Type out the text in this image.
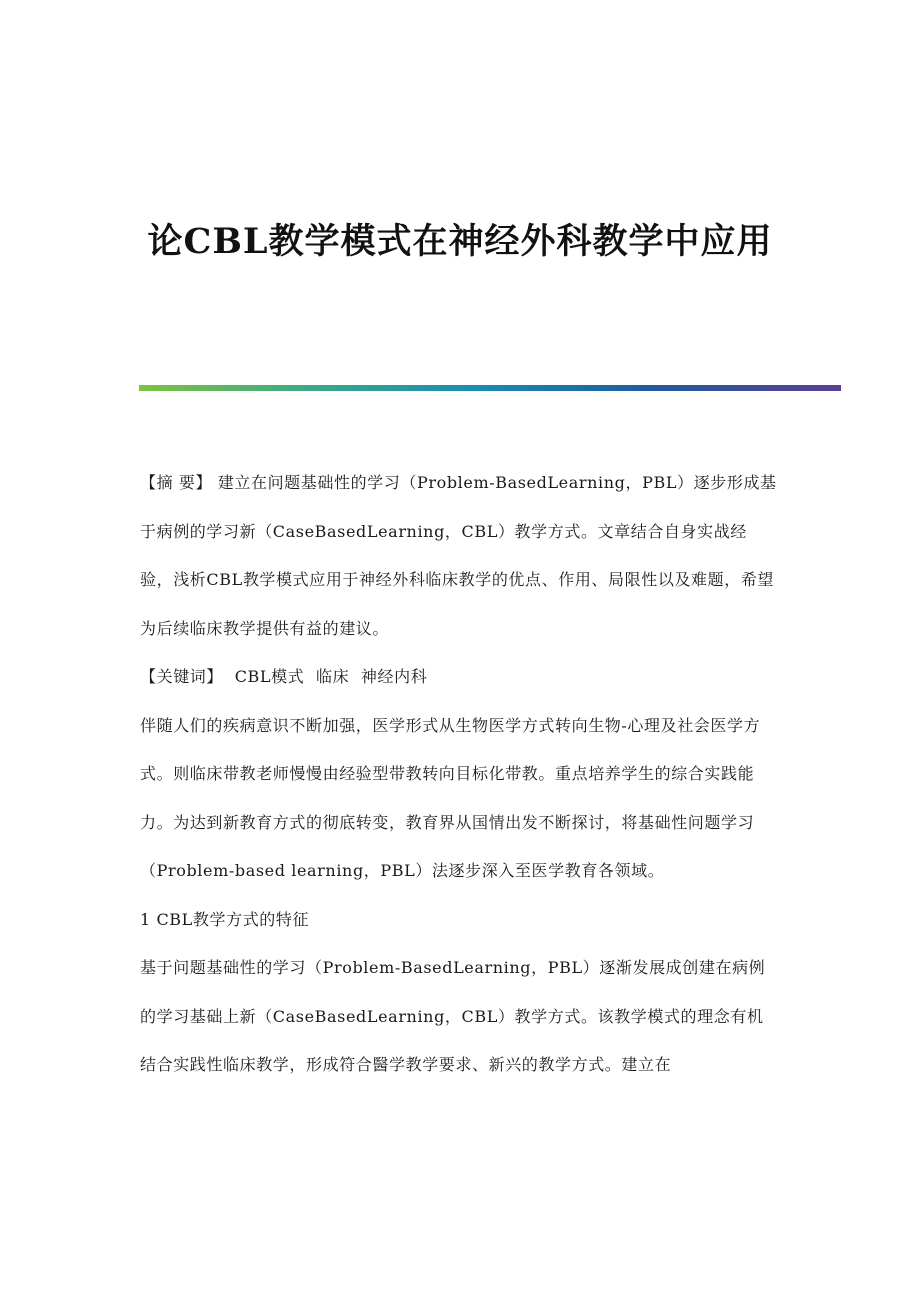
论CBL教学模式在神经外科教学中应用

【摘 要】 建立在问题基础性的学习（Problem-BasedLearning，PBL）逐步形成基于病例的学习新（CaseBasedLearning，CBL）教学方式。文章结合自身实战经验，浅析CBL教学模式应用于神经外科临床教学的优点、作用、局限性以及难题，希望为后续临床教学提供有益的建议。

【关键词】 CBL模式 临床 神经内科

伴随人们的疾病意识不断加强，医学形式从生物医学方式转向生物-心理及社会医学方式。则临床带教老师慢慢由经验型带教转向目标化带教。重点培养学生的综合实践能力。为达到新教育方式的彻底转变，教育界从国情出发不断探讨，将基础性问题学习（Problem-based learning，PBL）法逐步深入至医学教育各领域。

1 CBL教学方式的特征

基于问题基础性的学习（Problem-BasedLearning，PBL）逐渐发展成创建在病例的学习基础上新（CaseBasedLearning，CBL）教学方式。该教学模式的理念有机结合实践性临床教学，形成符合醫学教学要求、新兴的教学方式。建立在
